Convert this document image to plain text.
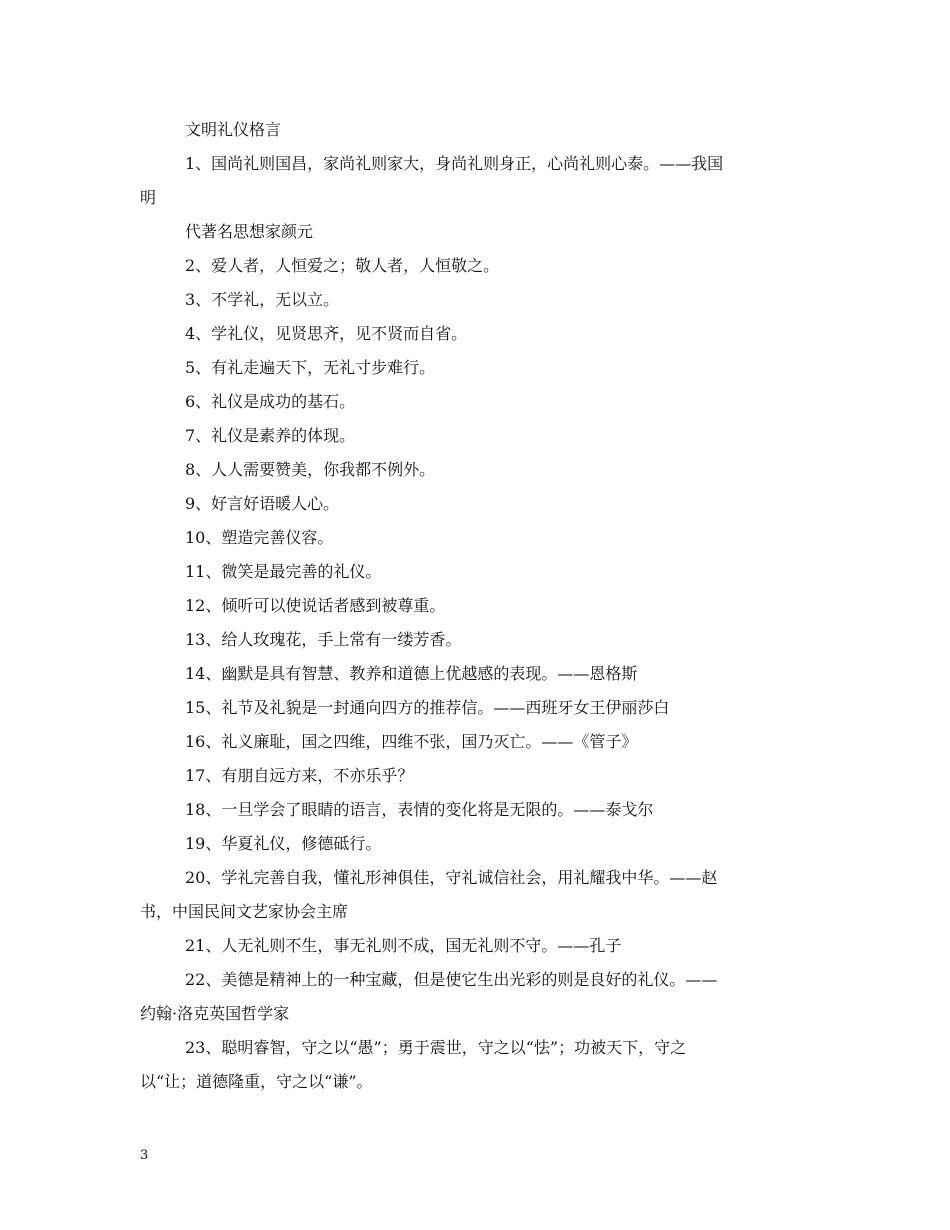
文明礼仪格言

1、国尚礼则国昌，家尚礼则家大，身尚礼则身正，心尚礼则心泰。——我国

明

代著名思想家颜元

2、爱人者，人恒爱之；敬人者，人恒敬之。

3、不学礼，无以立。

4、学礼仪，见贤思齐，见不贤而自省。

5、有礼走遍天下，无礼寸步难行。

6、礼仪是成功的基石。

7、礼仪是素养的体现。

8、人人需要赞美，你我都不例外。

9、好言好语暖人心。

10、塑造完善仪容。

11、微笑是最完善的礼仪。

12、倾听可以使说话者感到被尊重。

13、给人玫瑰花，手上常有一缕芳香。

14、幽默是具有智慧、教养和道德上优越感的表现。——恩格斯

15、礼节及礼貌是一封通向四方的推荐信。——西班牙女王伊丽莎白

16、礼义廉耻，国之四维，四维不张，国乃灭亡。——《管子》

17、有朋自远方来，不亦乐乎？

18、一旦学会了眼睛的语言，表情的变化将是无限的。——泰戈尔

19、华夏礼仪，修德砥行。

20、学礼完善自我，懂礼形神俱佳，守礼诚信社会，用礼耀我中华。——赵

书，中国民间文艺家协会主席

21、人无礼则不生，事无礼则不成，国无礼则不守。——孔子

22、美德是精神上的一种宝藏，但是使它生出光彩的则是良好的礼仪。——

约翰·洛克英国哲学家

23、聪明睿智，守之以“愚”；勇于震世，守之以“怯”；功被天下，守之

以“让；道德隆重，守之以“谦”。

3
